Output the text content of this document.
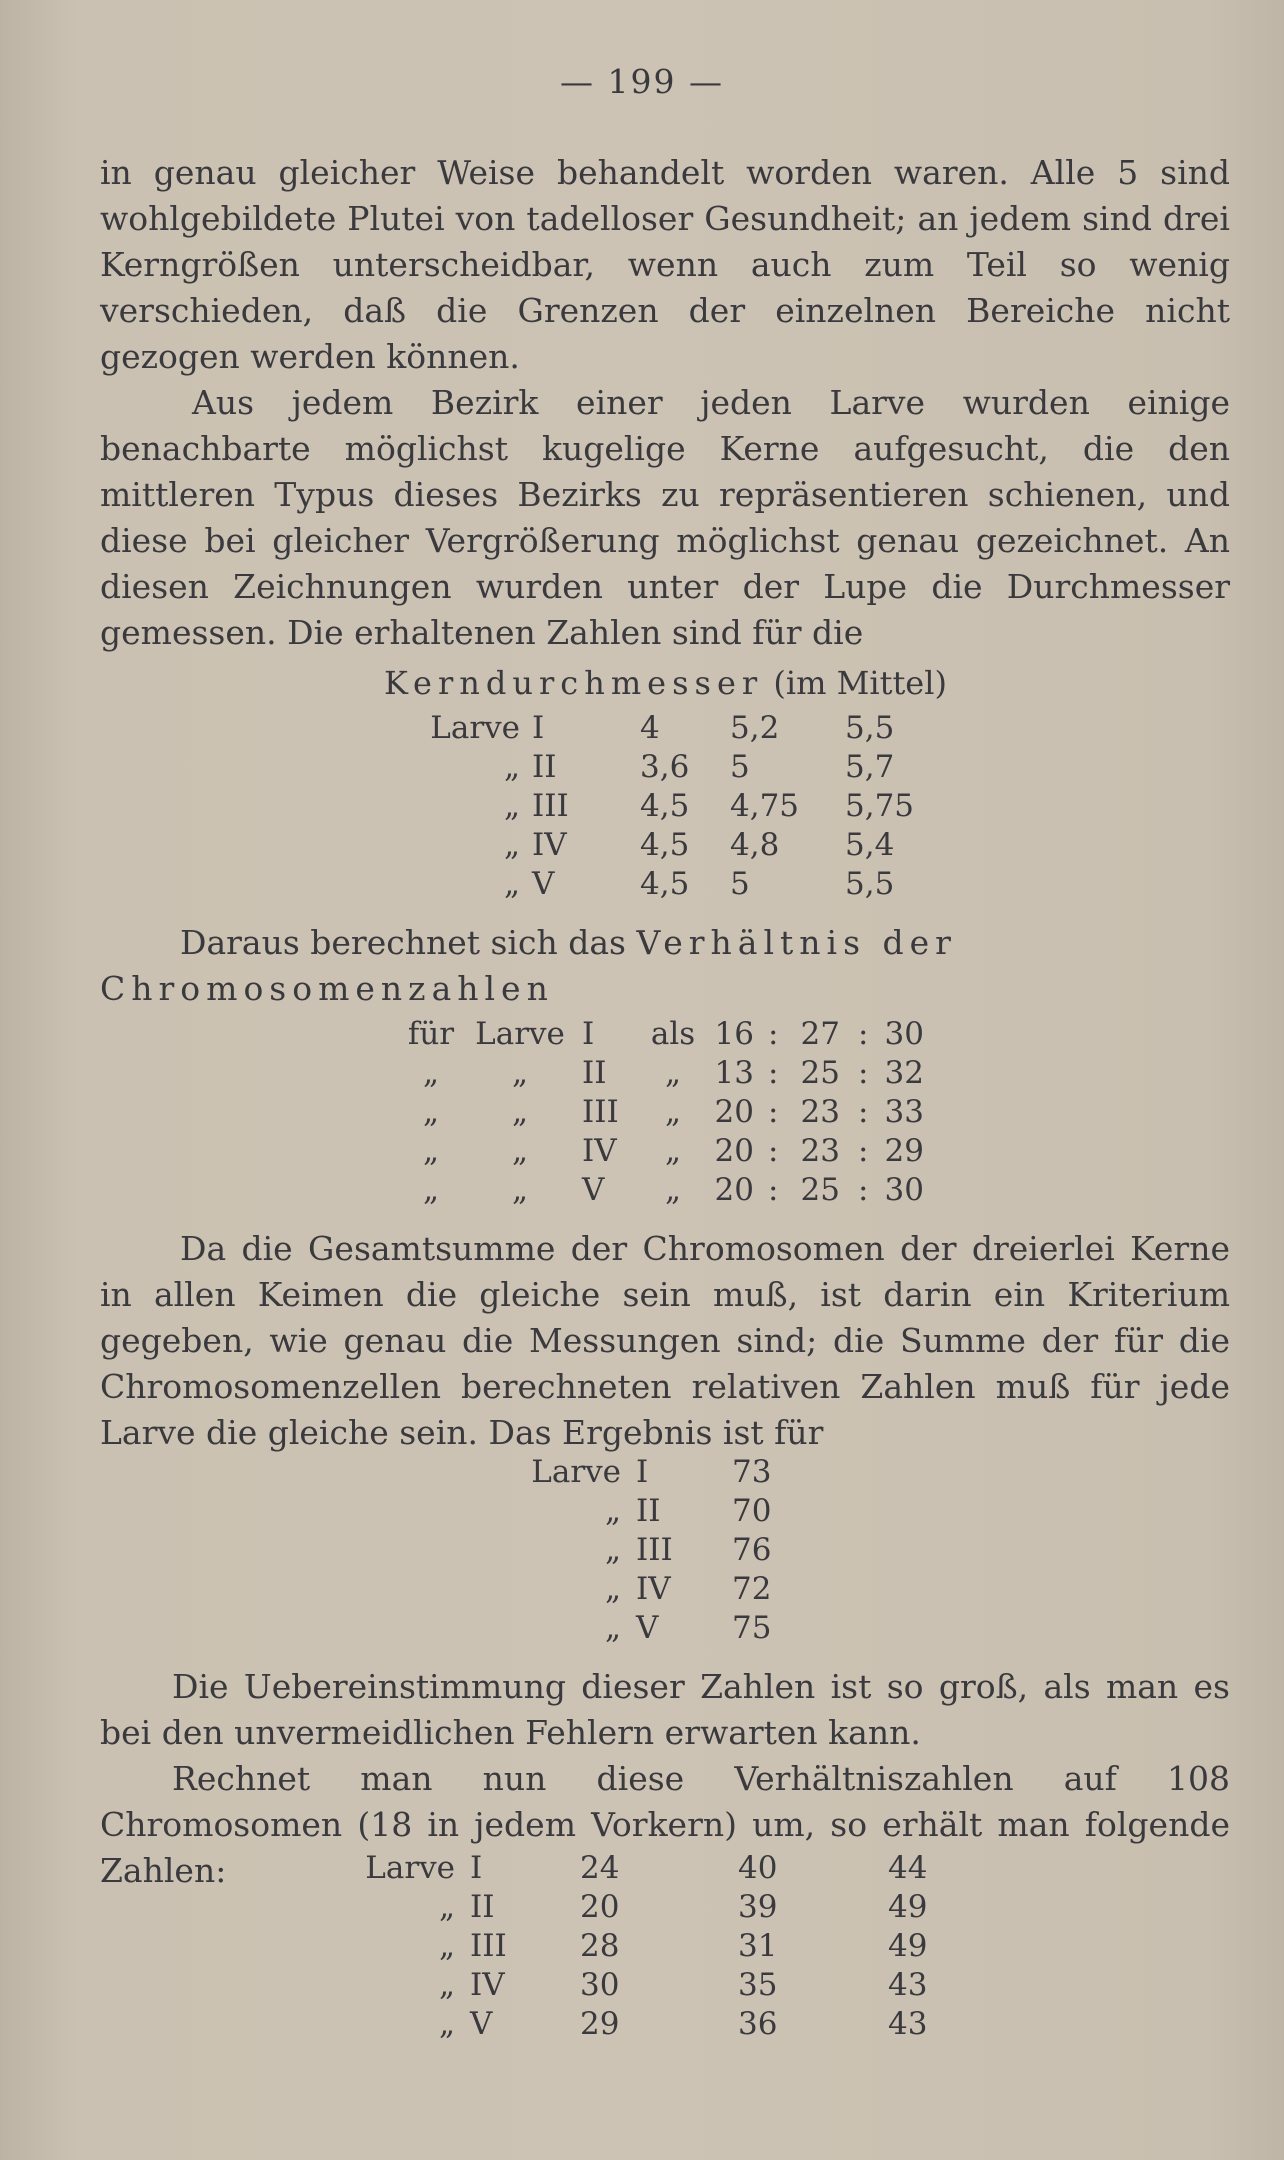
— 199 —
in genau gleicher Weise behandelt worden waren. Alle 5 sind wohlgebildete Plutei von tadelloser Gesundheit; an jedem sind drei Kerngrößen unterscheidbar, wenn auch zum Teil so wenig verschieden, daß die Grenzen der einzelnen Bereiche nicht gezogen werden können.
Aus jedem Bezirk einer jeden Larve wurden einige benachbarte möglichst kugelige Kerne aufgesucht, die den mittleren Typus dieses Bezirks zu repräsentieren schienen, und diese bei gleicher Vergrößerung möglichst genau gezeichnet. An diesen Zeichnungen wurden unter der Lupe die Durchmesser gemessen. Die erhaltenen Zahlen sind für die
Kerndurchmesser (im Mittel)
Larve I	4 5,2 5,5
„ II	3,6 5	5,7
„ III 4,5 4,75 5,75
„ IV 4,5 4,8 5,4
„ V	4,5 5	5,5
Daraus berechnet sich das Verhältnis der Chromosomenzahlen
für Larve I als 16 : 27 : 30
„	„	II	„	13 : 25 : 32
„	„	III	„	20 : 23 : 33
„	„	IV	„	20 : 23 : 29
„	„	V	„	20 : 25 : 30
Da die Gesamtsumme der Chromosomen der dreierlei Kerne in allen Keimen die gleiche sein muß, ist darin ein Kriterium gegeben, wie genau die Messungen sind; die Summe der für die Chromosomenzellen berechneten relativen Zahlen muß für jede Larve die gleiche sein. Das Ergebnis ist für
Larve I	73
„ II 70
„ III 76
„ IV 72
„ V 75
Die Uebereinstimmung dieser Zahlen ist so groß, als man es bei den unvermeidlichen Fehlern erwarten kann.
Rechnet man nun diese Verhältniszahlen auf 108 Chromosomen (18 in jedem Vorkern) um, so erhält man folgende Zahlen:	Larve I	24	40	44
„ II	20	39	49
„ III 28	31	49
„ IV 30	35	43
„ V	29	36	43
